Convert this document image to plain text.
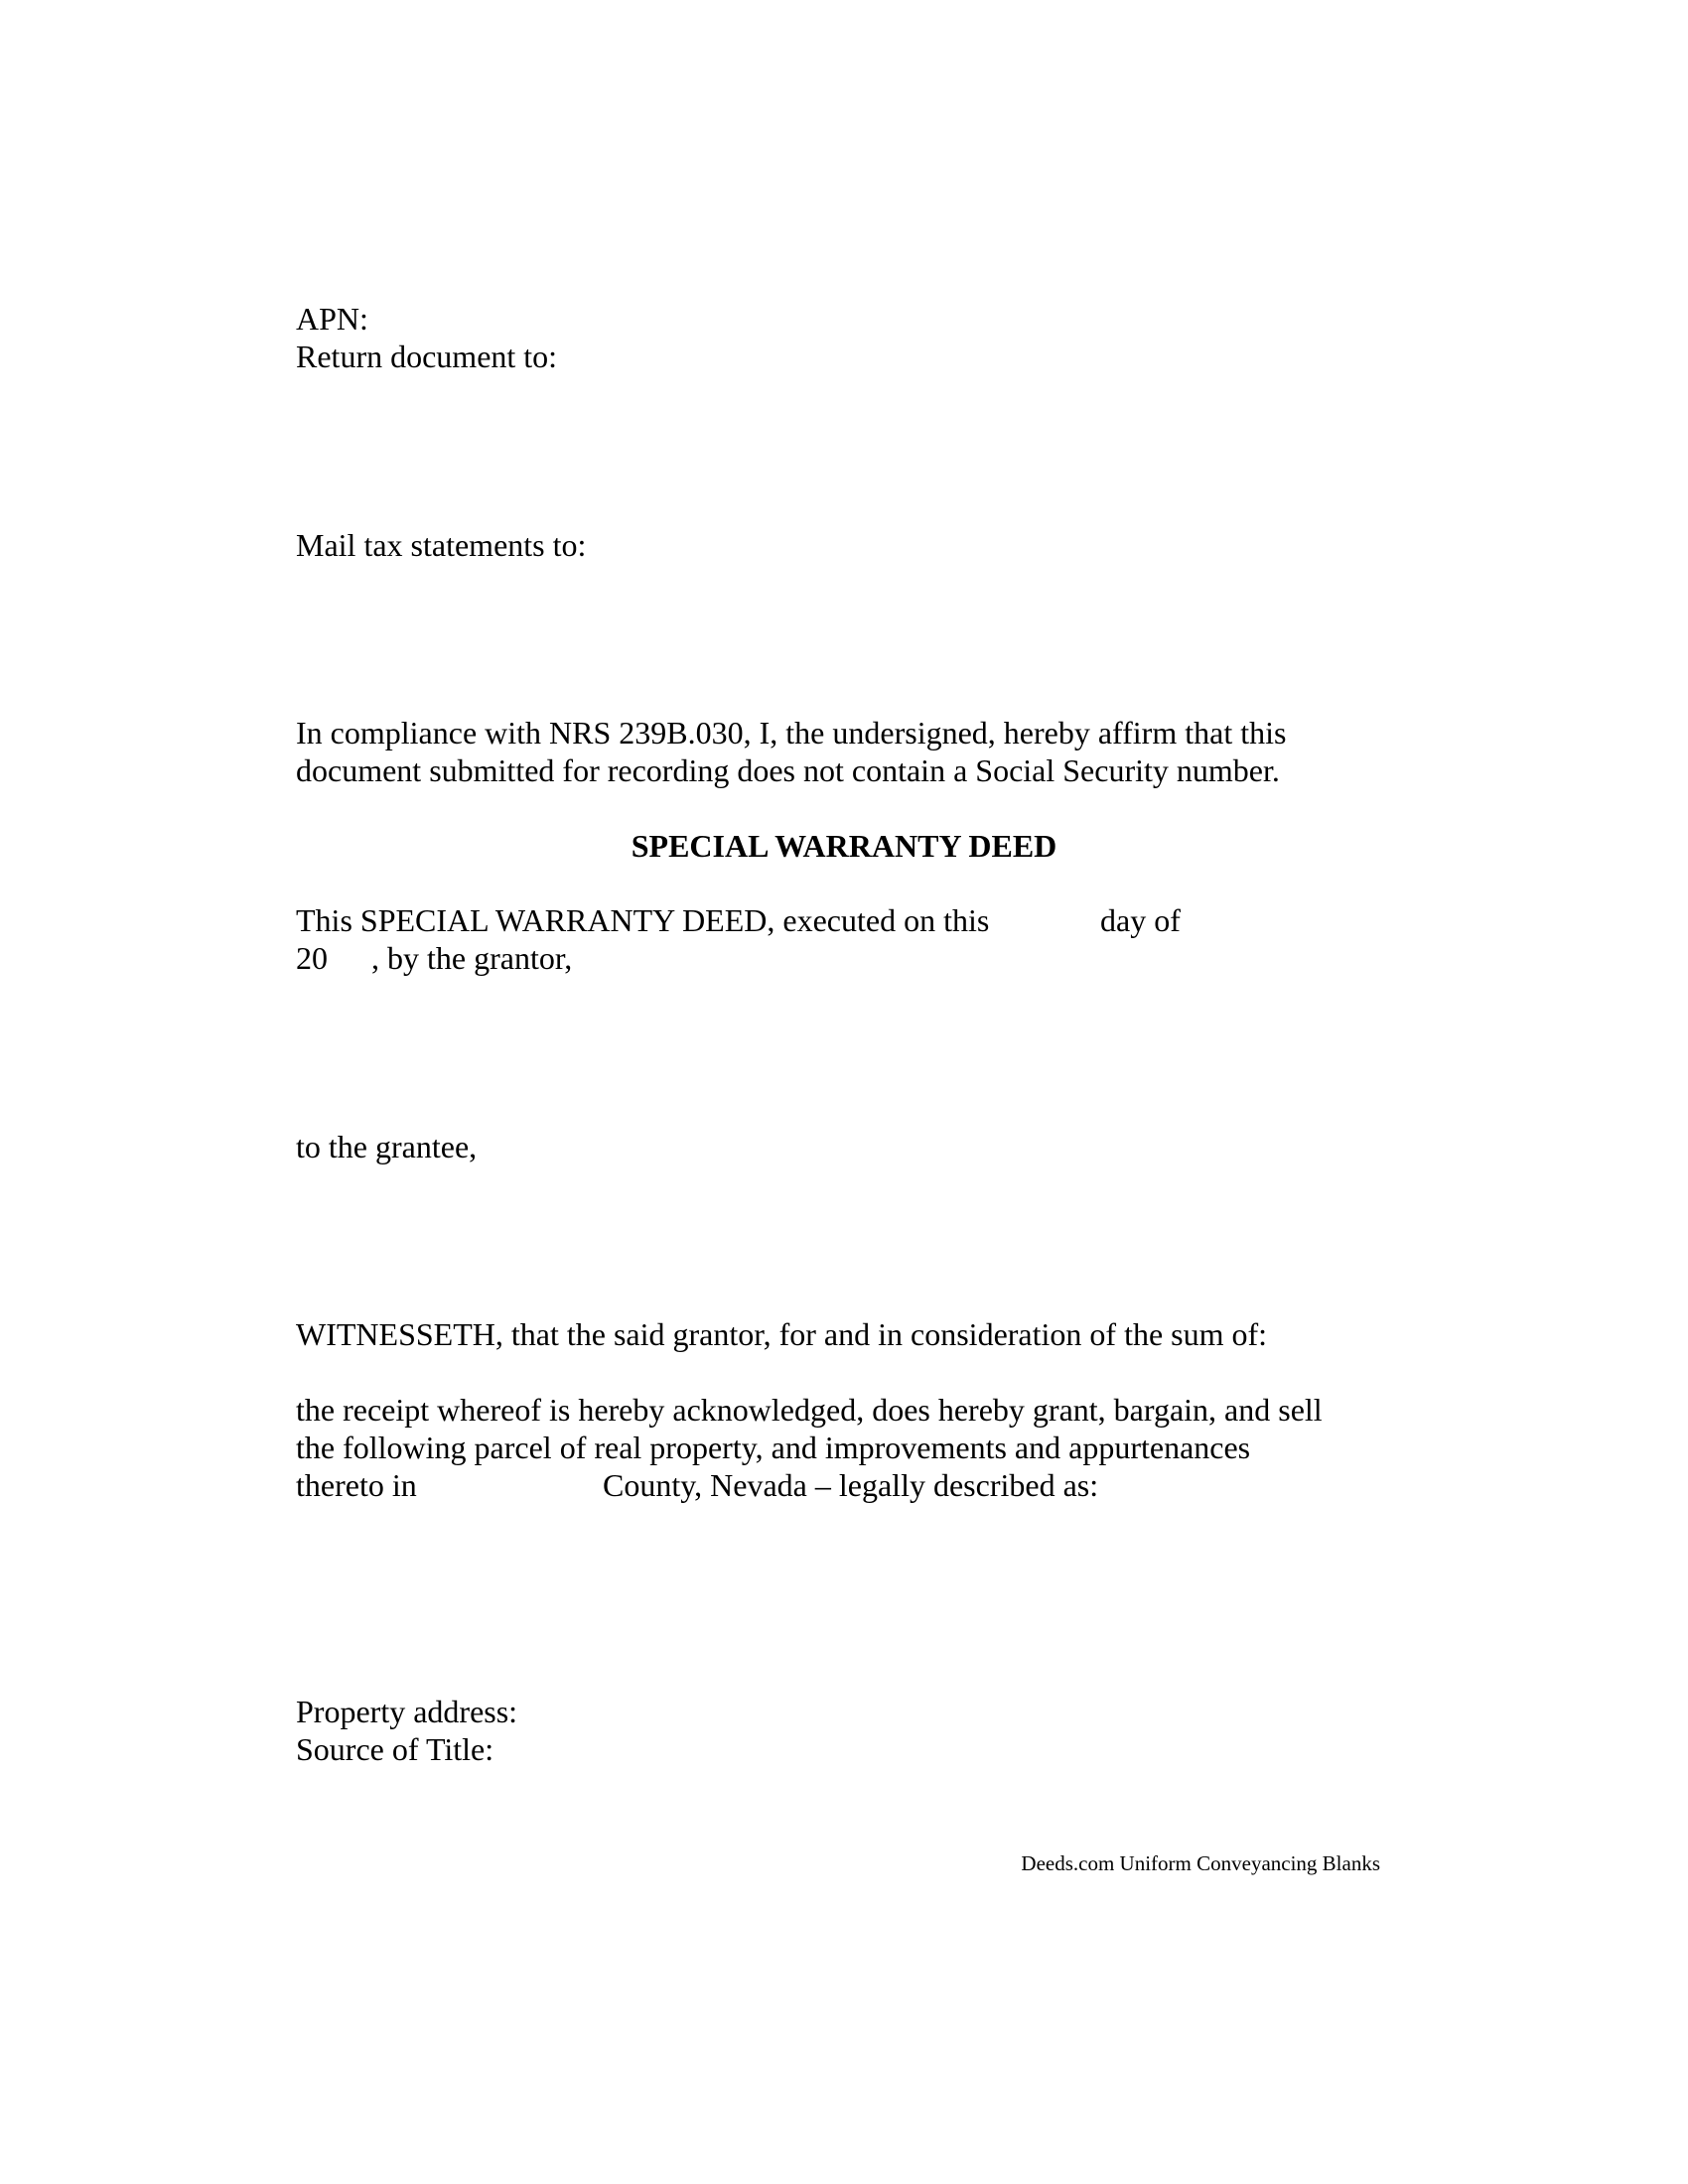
APN:
Return document to:
Mail tax statements to:
In compliance with NRS 239B.030, I, the undersigned, hereby affirm that this
document submitted for recording does not contain a Social Security number.
SPECIAL WARRANTY DEED
This SPECIAL WARRANTY DEED, executed on this	day of
20 , by the grantor,
to the grantee,
WITNESSETH, that the said grantor, for and in consideration of the sum of:
the receipt whereof is hereby acknowledged, does hereby grant, bargain, and sell
the following parcel of real property, and improvements and appurtenances
thereto in	County, Nevada – legally described as:
Property address:
Source of Title:
Deeds.com Uniform Conveyancing Blanks
